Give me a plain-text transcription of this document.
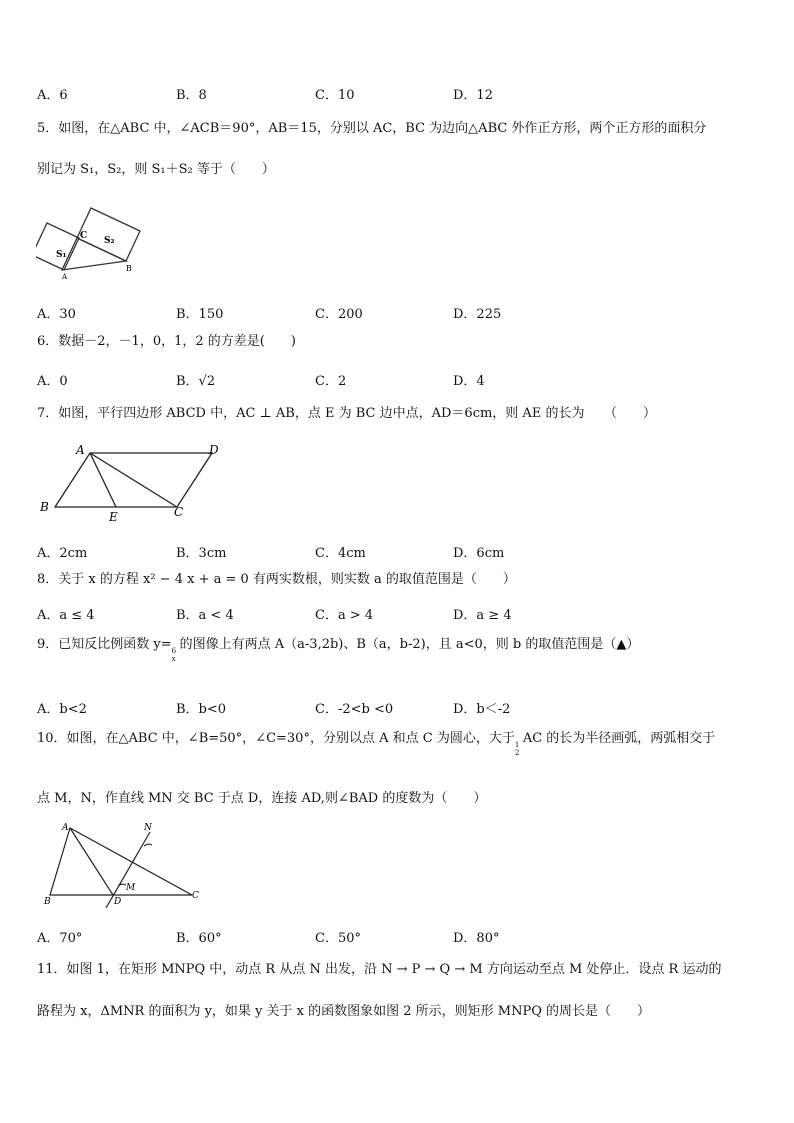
A．6	B．8	C．10	D．12
5．如图，在△ABC 中，∠ACB＝90°，AB＝15，分别以 AC，BC 为边向△ABC 外作正方形，两个正方形的面积分
别记为 S₁，S₂，则 S₁＋S₂ 等于（　　）
C S₂
S₁
A
B
A．30	B．150	C．200	D．225
6．数据－2，－1，0，1，2 的方差是(　　)
A．0	B．√2	C．2	D．4
7．如图，平行四边形 ABCD 中，AC ⊥ AB，点 E 为 BC 边中点，AD＝6cm，则 AE 的长为　　（　　）
A	D
B
E	C
A．2cm	B．3cm	C．4cm	D．6cm
8．关于 x 的方程 x² − 4 x + a = 0 有两实数根，则实数 a 的取值范围是（　　）
A．a ≤ 4	B．a < 4	C．a > 4	D．a ≥ 4
9．已知反比例函数 y= 6
x
的图像上有两点 A（a-3,2b)、B（a，b-2)，且 a<0，则 b 的取值范围是（▲）
A．b<2	B．b<0	C．-2<b <0	D．b＜-2
10．如图，在△ABC 中，∠B=50°，∠C=30°，分别以点 A 和点 C 为圆心，大于 1
2
AC 的长为半径画弧，两弧相交于
点 M，N，作直线 MN 交 BC 于点 D，连接 AD,则∠BAD 的度数为（　　）
A	N
M
B	D
C
A．70°	B．60°	C．50°	D．80°
11．如图 1，在矩形 MNPQ 中，动点 R 从点 N 出发，沿 N → P → Q → M 方向运动至点 M 处停止．设点 R 运动的
路程为 x，ΔMNR 的面积为 y，如果 y 关于 x 的函数图象如图 2 所示，则矩形 MNPQ 的周长是（　　）
